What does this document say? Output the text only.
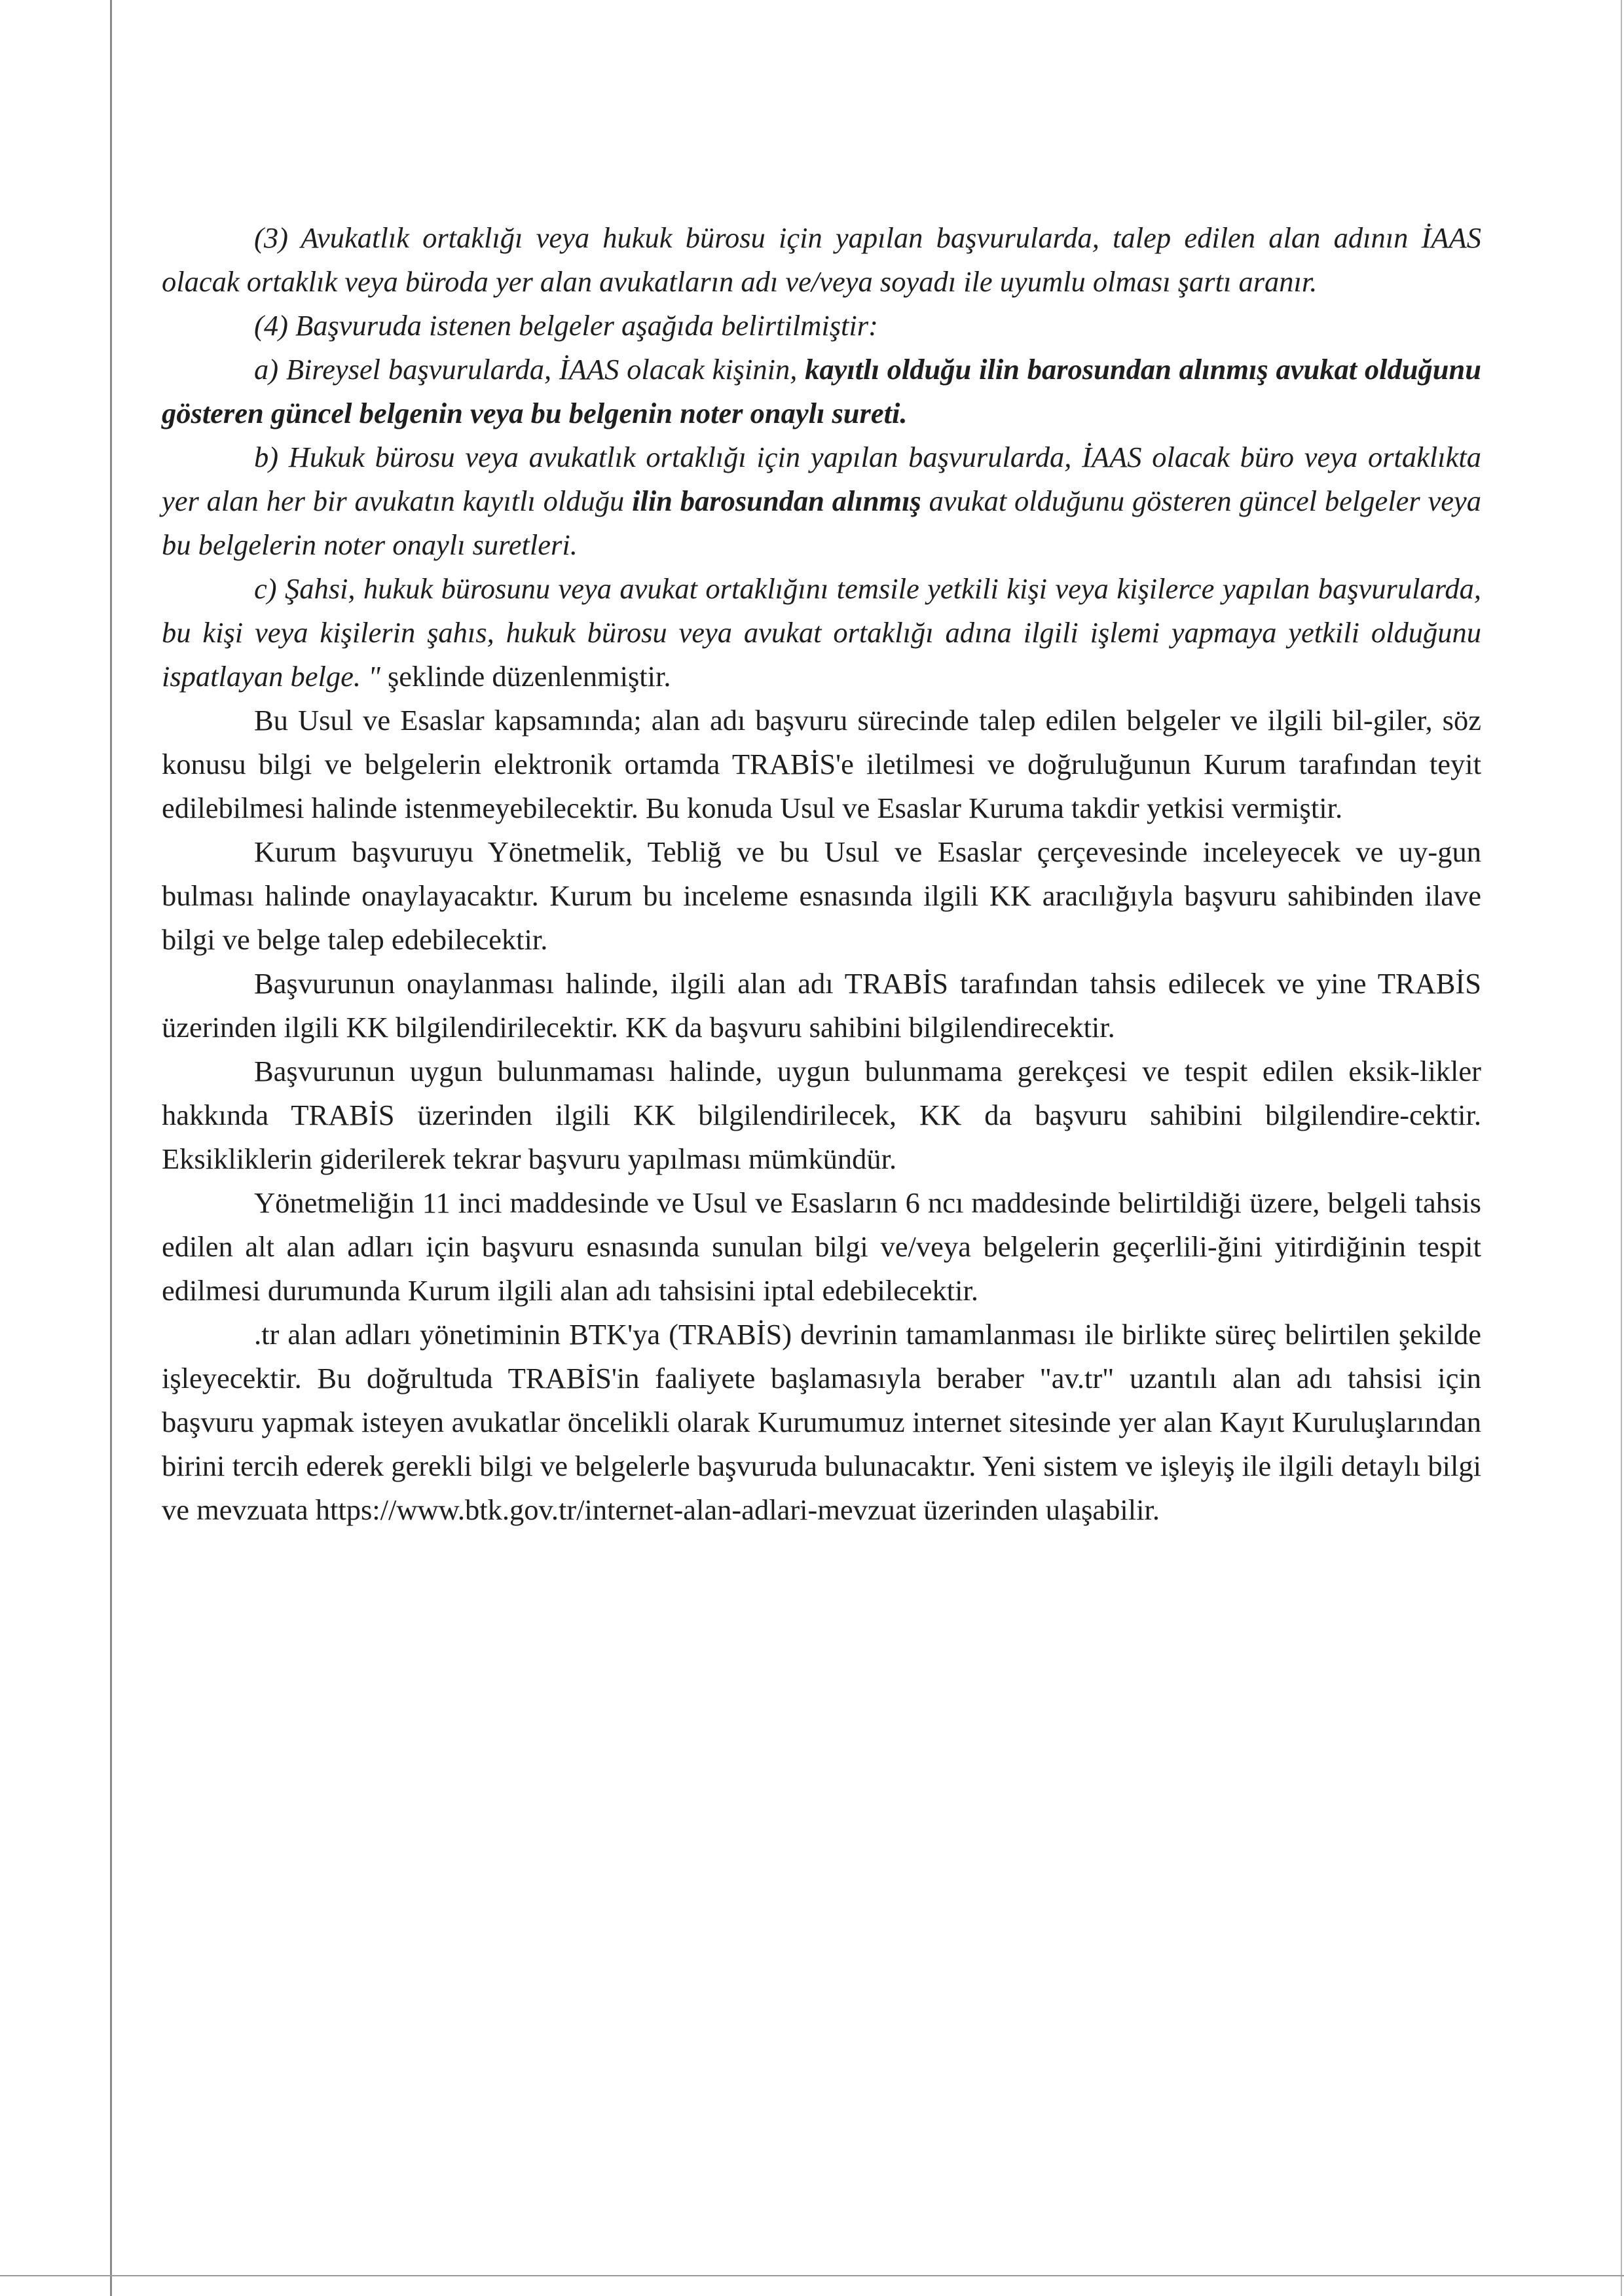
(3) Avukatlık ortaklığı veya hukuk bürosu için yapılan başvurularda, talep edilen alan adının İAAS olacak ortaklık veya büroda yer alan avukatların adı ve/veya soyadı ile uyumlu olması şartı aranır.

(4) Başvuruda istenen belgeler aşağıda belirtilmiştir:

a) Bireysel başvurularda, İAAS olacak kişinin, kayıtlı olduğu ilin barosundan alınmış avukat olduğunu gösteren güncel belgenin veya bu belgenin noter onaylı sureti.

b) Hukuk bürosu veya avukatlık ortaklığı için yapılan başvurularda, İAAS olacak büro veya ortaklıkta yer alan her bir avukatın kayıtlı olduğu ilin barosundan alınmış avukat olduğunu gösteren güncel belgeler veya bu belgelerin noter onaylı suretleri.

c) Şahsi, hukuk bürosunu veya avukat ortaklığını temsile yetkili kişi veya kişilerce yapılan başvurularda, bu kişi veya kişilerin şahıs, hukuk bürosu veya avukat ortaklığı adına ilgili işlemi yapmaya yetkili olduğunu ispatlayan belge. " şeklinde düzenlenmiştir.

Bu Usul ve Esaslar kapsamında; alan adı başvuru sürecinde talep edilen belgeler ve ilgili bil-giler, söz konusu bilgi ve belgelerin elektronik ortamda TRABİS'e iletilmesi ve doğruluğunun Kurum tarafından teyit edilebilmesi halinde istenmeyebilecektir. Bu konuda Usul ve Esaslar Kuruma takdir yetkisi vermiştir.

Kurum başvuruyu Yönetmelik, Tebliğ ve bu Usul ve Esaslar çerçevesinde inceleyecek ve uy-gun bulması halinde onaylayacaktır. Kurum bu inceleme esnasında ilgili KK aracılığıyla başvuru sahibinden ilave bilgi ve belge talep edebilecektir.

Başvurunun onaylanması halinde, ilgili alan adı TRABİS tarafından tahsis edilecek ve yine TRABİS üzerinden ilgili KK bilgilendirilecektir. KK da başvuru sahibini bilgilendirecektir.

Başvurunun uygun bulunmaması halinde, uygun bulunmama gerekçesi ve tespit edilen eksik-likler hakkında TRABİS üzerinden ilgili KK bilgilendirilecek, KK da başvuru sahibini bilgilendire-cektir. Eksikliklerin giderilerek tekrar başvuru yapılması mümkündür.

Yönetmeliğin 11 inci maddesinde ve Usul ve Esasların 6 ncı maddesinde belirtildiği üzere, belgeli tahsis edilen alt alan adları için başvuru esnasında sunulan bilgi ve/veya belgelerin geçerlili-ğini yitirdiğinin tespit edilmesi durumunda Kurum ilgili alan adı tahsisini iptal edebilecektir.

.tr alan adları yönetiminin BTK'ya (TRABİS) devrinin tamamlanması ile birlikte süreç belirtilen şekilde işleyecektir. Bu doğrultuda TRABİS'in faaliyete başlamasıyla beraber "av.tr" uzantılı alan adı tahsisi için başvuru yapmak isteyen avukatlar öncelikli olarak Kurumumuz internet sitesinde yer alan Kayıt Kuruluşlarından birini tercih ederek gerekli bilgi ve belgelerle başvuruda bulunacaktır. Yeni sistem ve işleyiş ile ilgili detaylı bilgi ve mevzuata https://www.btk.gov.tr/internet-alan-adlari-mevzuat üzerinden ulaşabilir.
